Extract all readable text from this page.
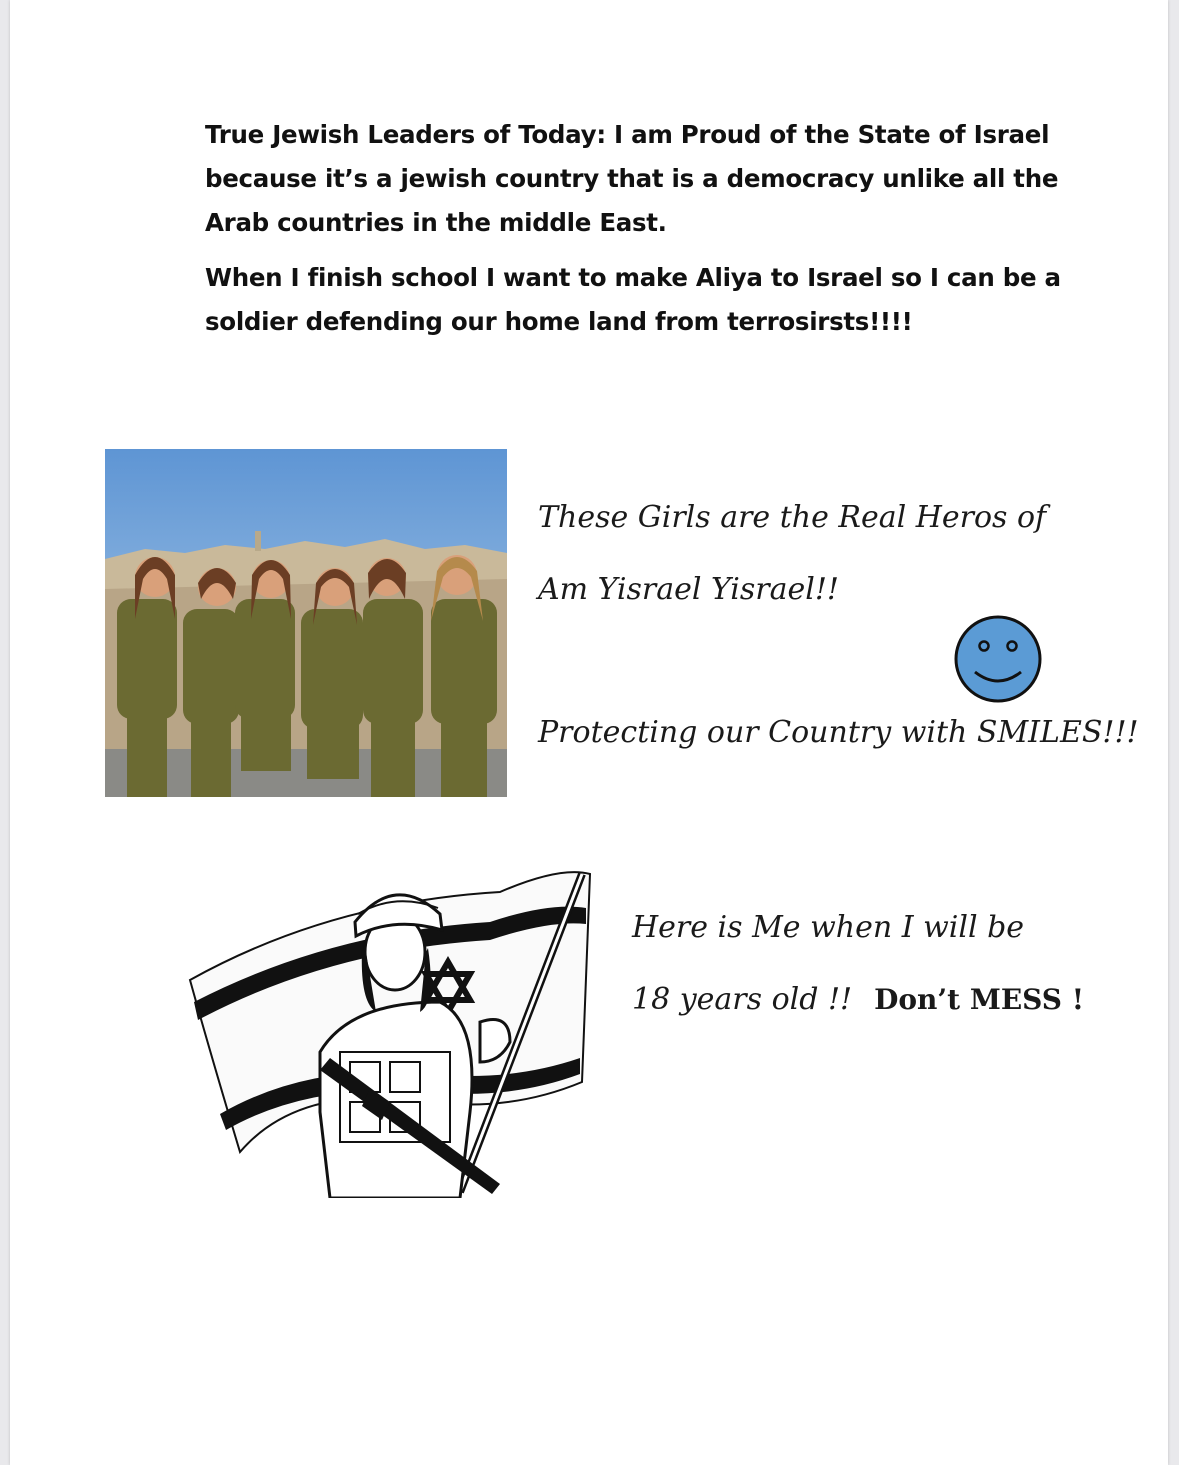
True Jewish Leaders of Today: I am Proud of the State of Israel because it’s a jewish country that is a democracy unlike all the Arab countries in the middle East.

When I finish school I want to make Aliya to Israel so I can be a soldier defending our home land from terrosirsts!!!!

These Girls are the Real Heros of
Am Yisrael Yisrael!!
Protecting our Country with SMILES!!!
Here is Me when I will be
18 years old !! Don’t MESS !
